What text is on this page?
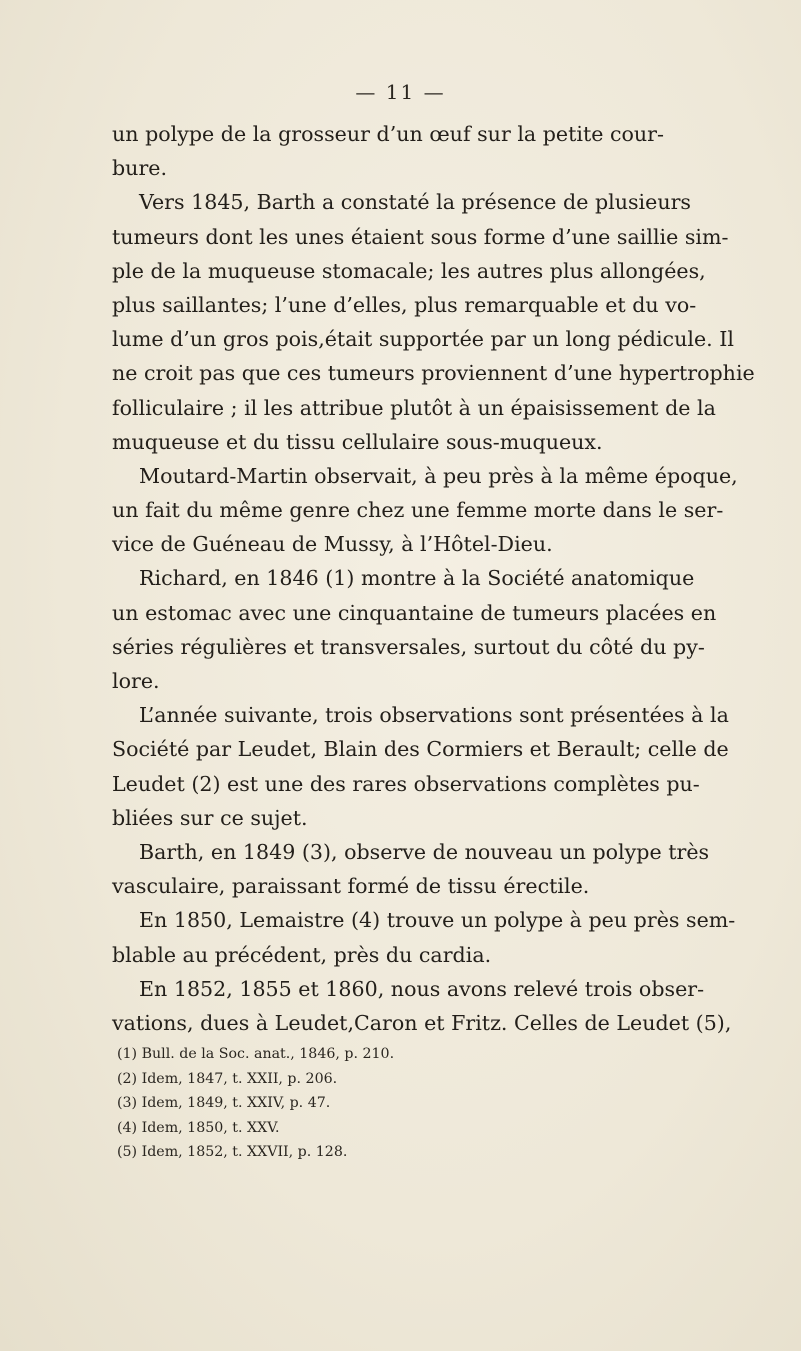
— 11 —
un polype de la grosseur d’un œuf sur la petite cour-
bure.
Vers 1845, Barth a constaté la présence de plusieurs
tumeurs dont les unes étaient sous forme d’une saillie sim-
ple de la muqueuse stomacale; les autres plus allongées,
plus saillantes; l’une d’elles, plus remarquable et du vo-
lume d’un gros pois,était supportée par un long pédicule. Il
ne croit pas que ces tumeurs proviennent d’une hypertrophie
folliculaire ; il les attribue plutôt à un épaisissement de la
muqueuse et du tissu cellulaire sous-muqueux.
Moutard-Martin observait, à peu près à la même époque,
un fait du même genre chez une femme morte dans le ser-
vice de Guéneau de Mussy, à l’Hôtel-Dieu.
Richard, en 1846 (1) montre à la Société anatomique
un estomac avec une cinquantaine de tumeurs placées en
séries régulières et transversales, surtout du côté du py-
lore.
L’année suivante, trois observations sont présentées à la
Société par Leudet, Blain des Cormiers et Berault; celle de
Leudet (2) est une des rares observations complètes pu-
bliées sur ce sujet.
Barth, en 1849 (3), observe de nouveau un polype très
vasculaire, paraissant formé de tissu érectile.
En 1850, Lemaistre (4) trouve un polype à peu près sem-
blable au précédent, près du cardia.
En 1852, 1855 et 1860, nous avons relevé trois obser-
vations, dues à Leudet,Caron et Fritz. Celles de Leudet (5),
(1) Bull. de la Soc. anat., 1846, p. 210.
(2) Idem, 1847, t. XXII, p. 206.
(3) Idem, 1849, t. XXIV, p. 47.
(4) Idem, 1850, t. XXV.
(5) Idem, 1852, t. XXVII, p. 128.
